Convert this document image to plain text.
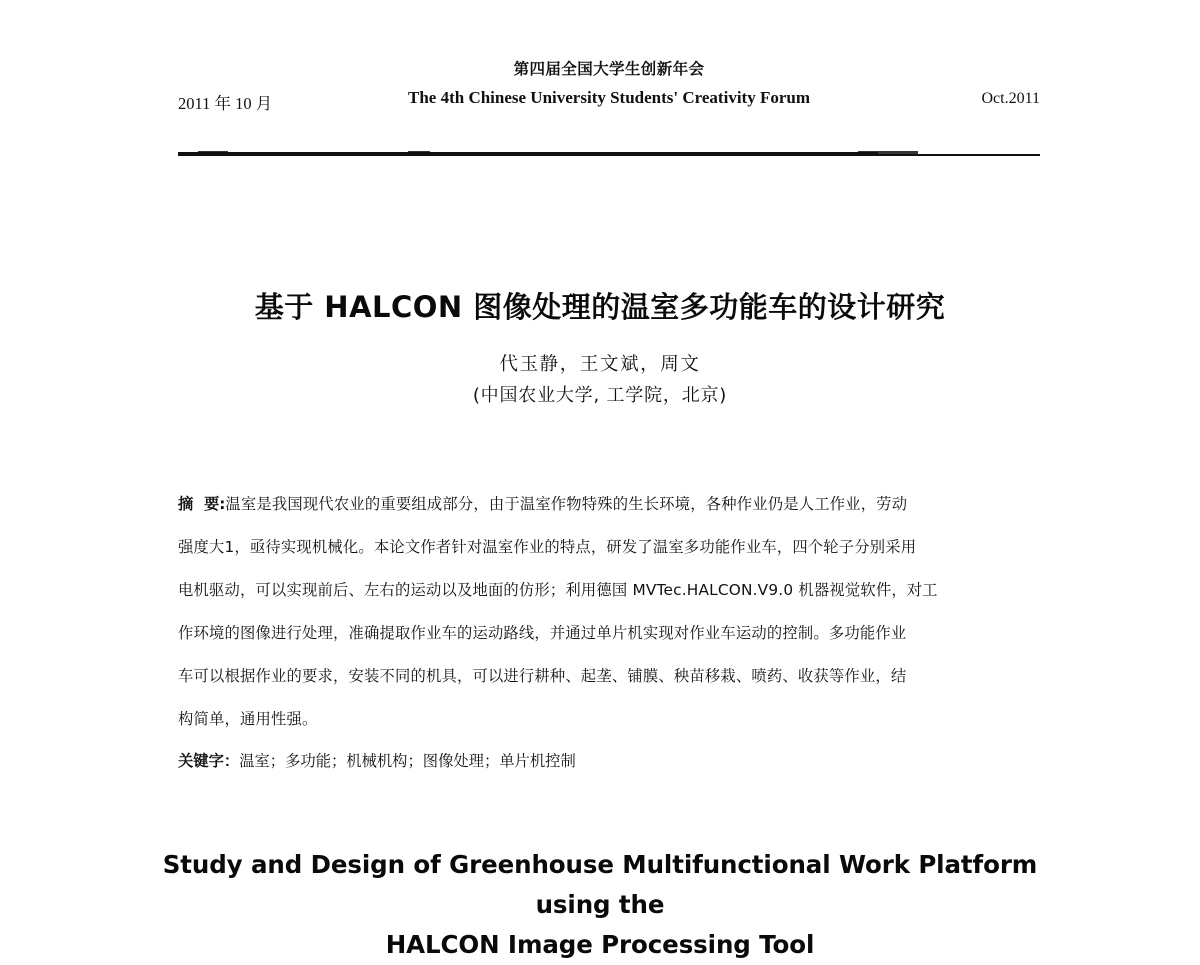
第四届全国大学生创新年会
2011 年 10 月	The 4th Chinese University Students' Creativity Forum	Oct.2011
基于 HALCON 图像处理的温室多功能车的设计研究
代玉静，王文斌，周文
(中国农业大学, 工学院，北京)
摘  要:温室是我国现代农业的重要组成部分，由于温室作物特殊的生长环境，各种作业仍是人工作业，劳动
强度大1，亟待实现机械化。本论文作者针对温室作业的特点，研发了温室多功能作业车，四个轮子分别采用
电机驱动，可以实现前后、左右的运动以及地面的仿形；利用德国 MVTec.HALCON.V9.0 机器视觉软件，对工
作环境的图像进行处理，准确提取作业车的运动路线，并通过单片机实现对作业车运动的控制。多功能作业
车可以根据作业的要求，安装不同的机具，可以进行耕种、起垄、铺膜、秧苗移栽、喷药、收获等作业，结
构简单，通用性强。
关键字：温室；多功能；机械机构；图像处理；单片机控制
Study and Design of Greenhouse Multifunctional Work Platform using the
HALCON Image Processing Tool
